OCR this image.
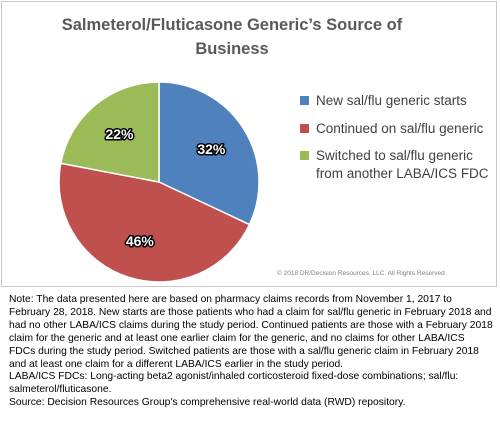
Salmeterol/Fluticasone Generic’s Source of Business
32%
46%
22%
New sal/flu generic starts
Continued on sal/flu generic
Switched to sal/flu generic from another LABA/ICS FDC
© 2018 DR/Decision Resources, LLC. All Rights Reserved

Note: The data presented here are based on pharmacy claims records from November 1, 2017 to February 28, 2018. New starts are those patients who had a claim for sal/flu generic in February 2018 and had no other LABA/ICS claims during the study period. Continued patients are those with a February 2018 claim for the generic and at least one earlier claim for the generic, and no claims for other LABA/ICS FDCs during the study period. Switched patients are those with a sal/flu generic claim in February 2018 and at least one claim for a different LABA/ICS earlier in the study period.

LABA/ICS FDCs: Long-acting beta2 agonist/inhaled corticosteroid fixed-dose combinations; sal/flu: salmeterol/fluticasone.

Source: Decision Resources Group's comprehensive real-world data (RWD) repository.
